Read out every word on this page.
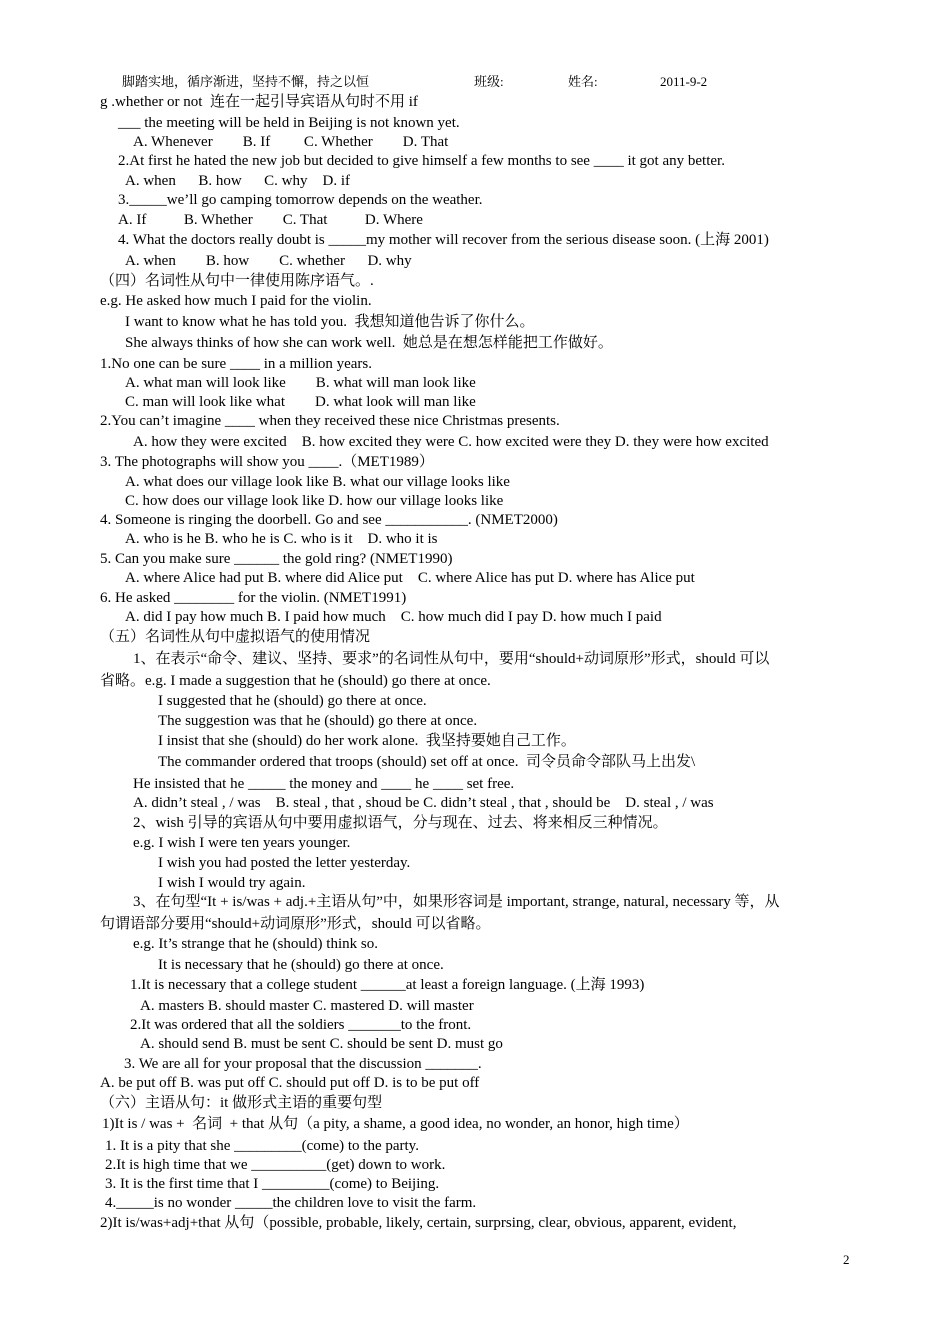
脚踏实地，循序渐进，坚持不懈，持之以恒	班级:	姓名:	2011-9-2
g .whether or not  连在一起引导宾语从句时不用 if
___ the meeting will be held in Beijing is not known yet.
A. Whenever        B. If         C. Whether        D. That
2.At first he hated the new job but decided to give himself a few months to see ____ it got any better.
A. when      B. how      C. why    D. if
3._____we’ll go camping tomorrow depends on the weather.
A. If          B. Whether        C. That          D. Where
4. What the doctors really doubt is _____my mother will recover from the serious disease soon. (上海 2001)
A. when        B. how        C. whether      D. why
（四）名词性从句中一律使用陈序语气。.
e.g. He asked how much I paid for the violin.
I want to know what he has told you.  我想知道他告诉了你什么。
She always thinks of how she can work well.  她总是在想怎样能把工作做好。
1.No one can be sure ____ in a million years.
A. what man will look like        B. what will man look like
C. man will look like what        D. what look will man like
2.You can’t imagine ____ when they received these nice Christmas presents.
A. how they were excited    B. how excited they were C. how excited were they D. they were how excited
3. The photographs will show you ____.（MET1989）
A. what does our village look like B. what our village looks like
C. how does our village look like D. how our village looks like
4. Someone is ringing the doorbell. Go and see ___________. (NMET2000)
A. who is he B. who he is C. who is it    D. who it is
5. Can you make sure ______ the gold ring? (NMET1990)
A. where Alice had put B. where did Alice put    C. where Alice has put D. where has Alice put
6. He asked ________ for the violin. (NMET1991)
A. did I pay how much B. I paid how much    C. how much did I pay D. how much I paid
（五）名词性从句中虚拟语气的使用情况
1、在表示“命令、建议、坚持、要求”的名词性从句中，要用“should+动词原形”形式，should 可以
省略。e.g. I made a suggestion that he (should) go there at once.
I suggested that he (should) go there at once.
The suggestion was that he (should) go there at once.
I insist that she (should) do her work alone.  我坚持要她自己工作。
The commander ordered that troops (should) set off at once.  司令员命令部队马上出发\
He insisted that he _____ the money and ____ he ____ set free.
A. didn’t steal , / was    B. steal , that , shoud be C. didn’t steal , that , should be    D. steal , / was
2、wish 引导的宾语从句中要用虚拟语气，分与现在、过去、将来相反三种情况。
e.g. I wish I were ten years younger.
I wish you had posted the letter yesterday.
I wish I would try again.
3、在句型“It + is/was + adj.+主语从句”中，如果形容词是 important, strange, natural, necessary 等，从
句谓语部分要用“should+动词原形”形式，should 可以省略。
e.g. It’s strange that he (should) think so.
It is necessary that he (should) go there at once.
1.It is necessary that a college student ______at least a foreign language. (上海 1993)
A. masters B. should master C. mastered D. will master
2.It was ordered that all the soldiers _______to the front.
A. should send B. must be sent C. should be sent D. must go
3. We are all for your proposal that the discussion _______.
A. be put off B. was put off C. should put off D. is to be put off
（六）主语从句：it 做形式主语的重要句型
1)It is / was +  名词  + that 从句（a pity, a shame, a good idea, no wonder, an honor, high time）
1. It is a pity that she _________(come) to the party.
2.It is high time that we __________(get) down to work.
3. It is the first time that I _________(come) to Beijing.
4._____is no wonder _____the children love to visit the farm.
2)It is/was+adj+that 从句（possible, probable, likely, certain, surprsing, clear, obvious, apparent, evident,
2
